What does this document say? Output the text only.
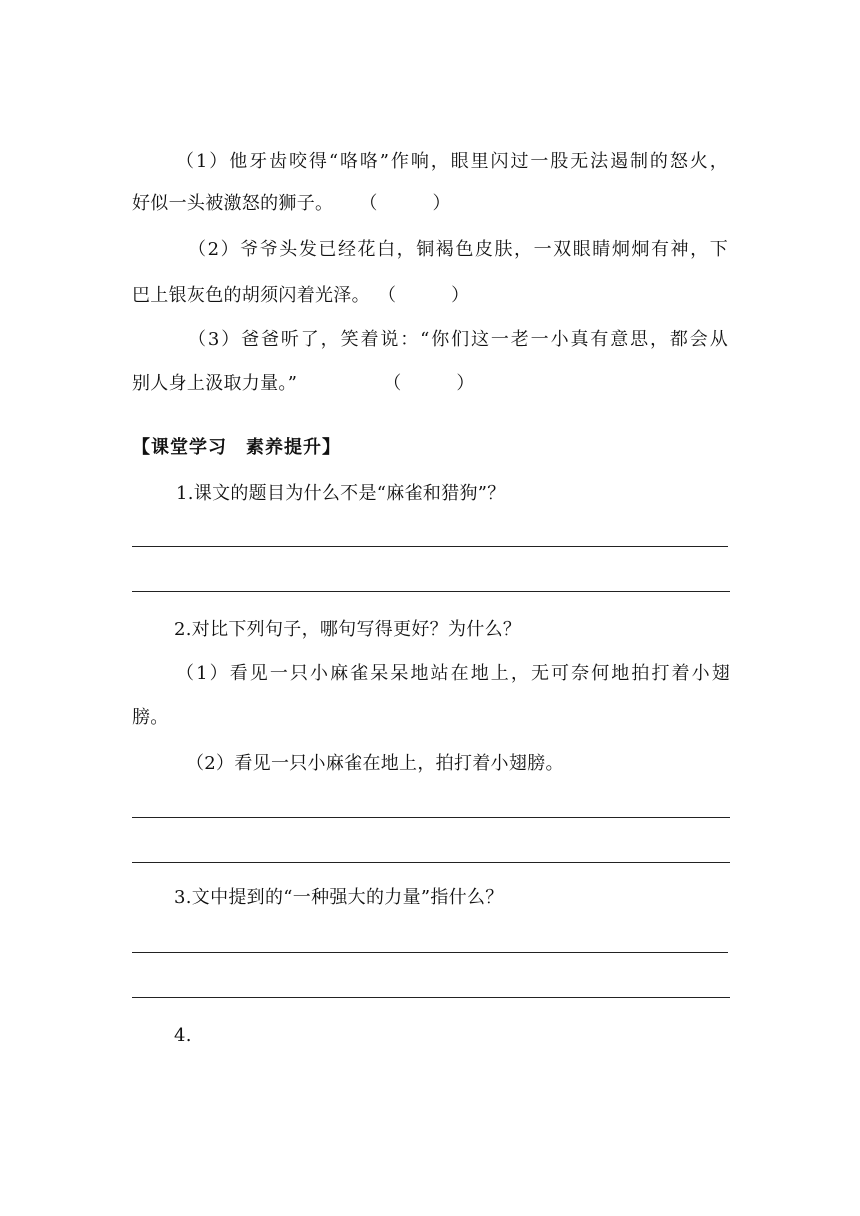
（1）他牙齿咬得“咯咯”作响，眼里闪过一股无法遏制的怒火，
好似一头被激怒的狮子。 （　　　）
（2）爷爷头发已经花白，铜褐色皮肤，一双眼睛炯炯有神，下
巴上银灰色的胡须闪着光泽。 （　　　）
（3）爸爸听了，笑着说：“你们这一老一小真有意思，都会从
别人身上汲取力量。”	（　　　）
【课堂学习　素养提升】
1.课文的题目为什么不是“麻雀和猎狗”？
2.对比下列句子，哪句写得更好？为什么？
（1）看见一只小麻雀呆呆地站在地上，无可奈何地拍打着小翅
膀。
（2）看见一只小麻雀在地上，拍打着小翅膀。
3.文中提到的“一种强大的力量”指什么？
4.
